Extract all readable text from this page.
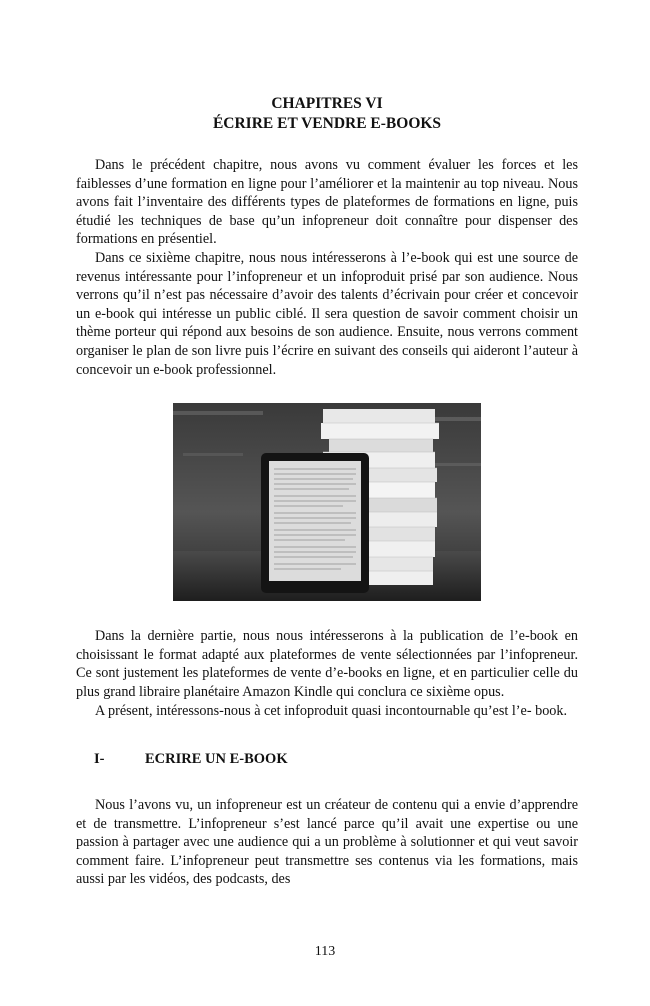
CHAPITRES VI
ÉCRIRE ET VENDRE E-BOOKS

Dans le précédent chapitre, nous avons vu comment évaluer les forces et les faiblesses d’une formation en ligne pour l’améliorer et la maintenir au top niveau. Nous avons fait l’inventaire des différents types de plateformes de formations en ligne, puis étudié les techniques de base qu’un infopreneur doit connaître pour dispenser des formations en présentiel.

Dans ce sixième chapitre, nous nous intéresserons à l’e-book qui est une source de revenus intéressante pour l’infopreneur et un infoproduit prisé par son audience. Nous verrons qu’il n’est pas nécessaire d’avoir des talents d’écrivain pour créer et concevoir un e-book qui intéresse un public ciblé. Il sera question de savoir comment choisir un thème porteur qui répond aux besoins de son audience. Ensuite, nous verrons comment organiser le plan de son livre puis l’écrire en suivant des conseils qui aideront l’auteur à concevoir un e-book professionnel.

Dans la dernière partie, nous nous intéresserons à la publication de l’e-book en choisissant le format adapté aux plateformes de vente sélectionnées par l’infopreneur. Ce sont justement les plateformes de vente d’e-books en ligne, et en particulier celle du plus grand libraire planétaire Amazon Kindle qui conclura ce sixième opus.

A présent, intéressons-nous à cet infoproduit quasi incontournable qu’est l’e- book.

I-	ECRIRE UN E-BOOK

Nous l’avons vu, un infopreneur est un créateur de contenu qui a envie d’apprendre et de transmettre. L’infopreneur s’est lancé parce qu’il avait une expertise ou une passion à partager avec une audience qui a un problème à solutionner et qui veut savoir comment faire. L’infopreneur peut transmettre ses contenus via les formations, mais aussi par les vidéos, des podcasts, des

113
